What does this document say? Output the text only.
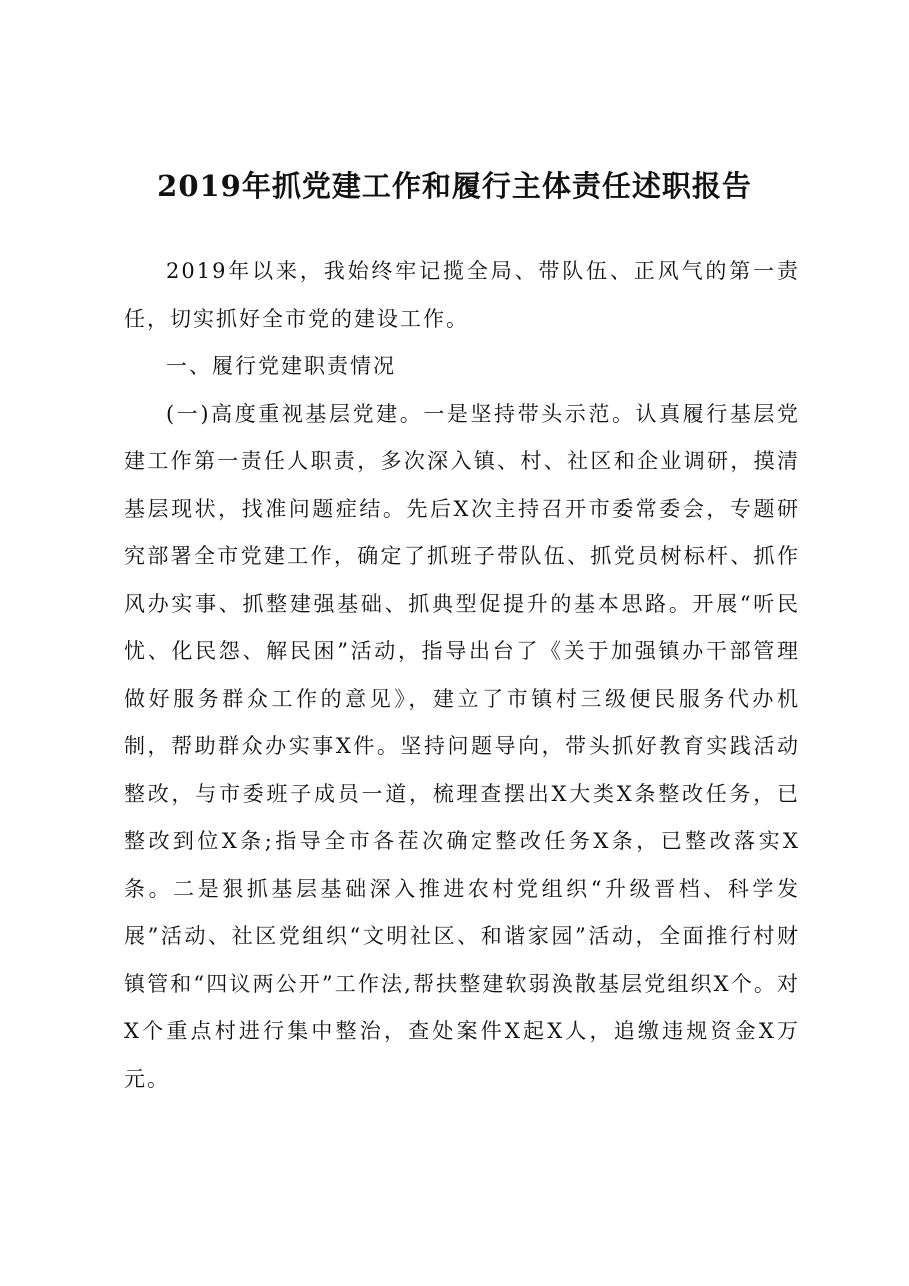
2019年抓党建工作和履行主体责任述职报告

2019年以来，我始终牢记揽全局、带队伍、正风气的第一责任，切实抓好全市党的建设工作。

一、履行党建职责情况

(一)高度重视基层党建。一是坚持带头示范。认真履行基层党建工作第一责任人职责，多次深入镇、村、社区和企业调研，摸清基层现状，找准问题症结。先后X次主持召开市委常委会，专题研究部署全市党建工作，确定了抓班子带队伍、抓党员树标杆、抓作风办实事、抓整建强基础、抓典型促提升的基本思路。开展“听民忧、化民怨、解民困”活动，指导出台了《关于加强镇办干部管理做好服务群众工作的意见》，建立了市镇村三级便民服务代办机制，帮助群众办实事X件。坚持问题导向，带头抓好教育实践活动整改，与市委班子成员一道，梳理查摆出X大类X条整改任务，已整改到位X条;指导全市各茬次确定整改任务X条，已整改落实X条。二是狠抓基层基础深入推进农村党组织“升级晋档、科学发展”活动、社区党组织“文明社区、和谐家园”活动，全面推行村财镇管和“四议两公开”工作法,帮扶整建软弱涣散基层党组织X个。对X个重点村进行集中整治，查处案件X起X人，追缴违规资金X万元。
